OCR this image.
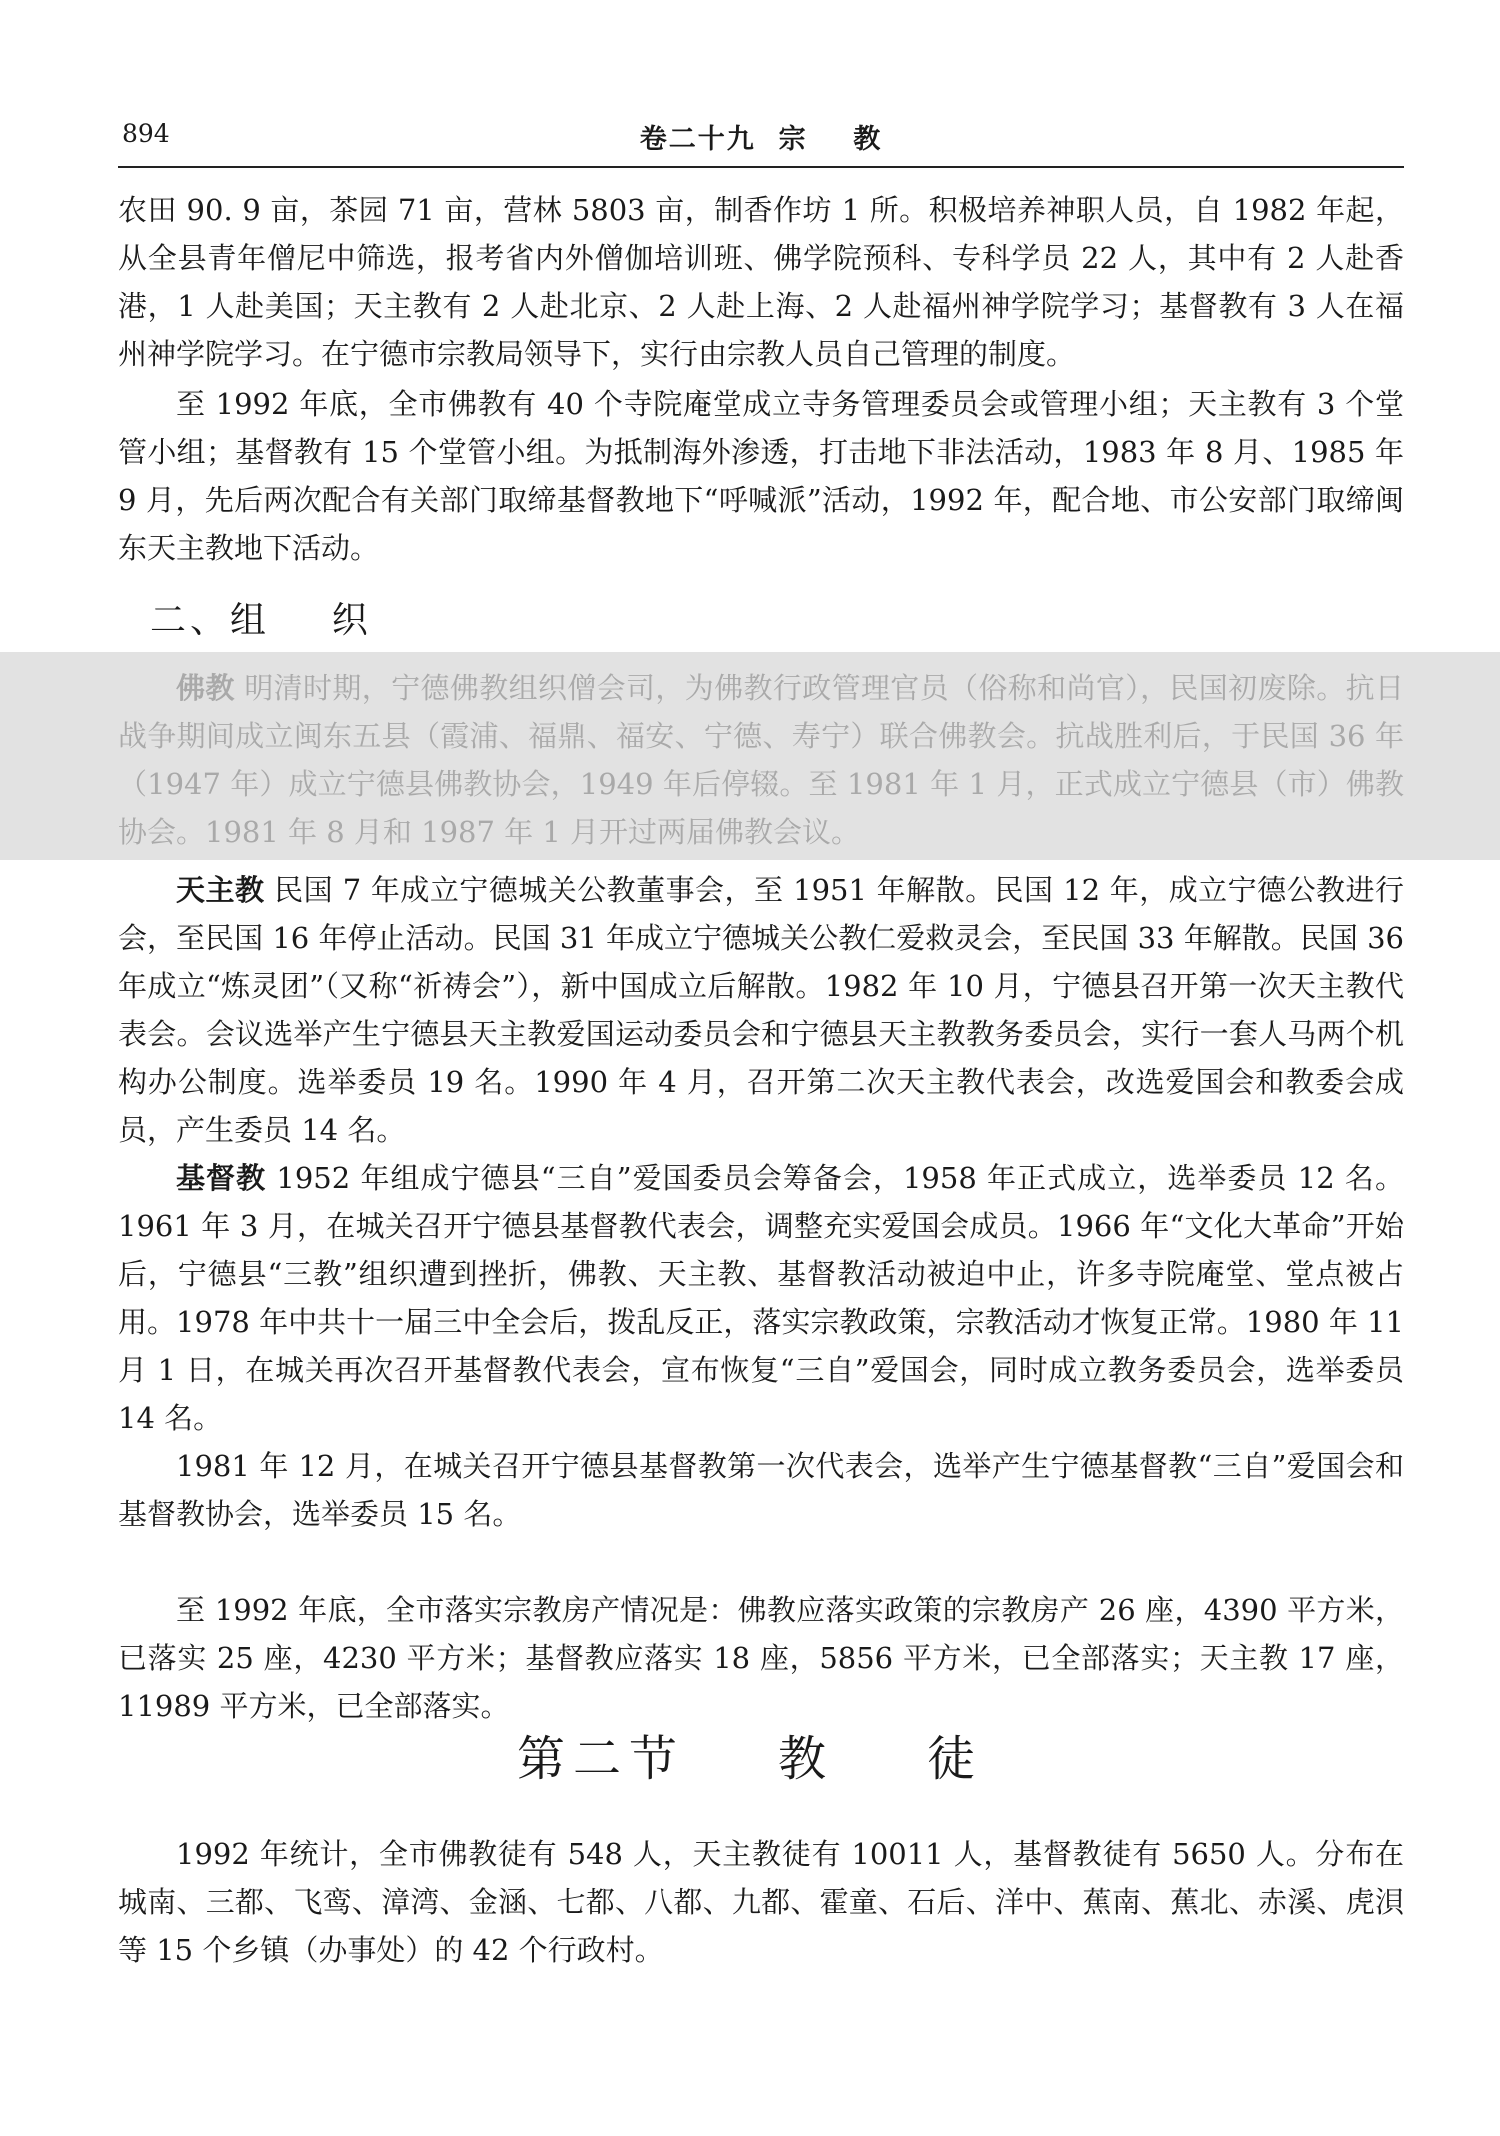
894	卷二十九  宗    教

农田 90. 9 亩，茶园 71 亩，营林 5803 亩，制香作坊 1 所。积极培养神职人员，自 1982 年起，从全县青年僧尼中筛选，报考省内外僧伽培训班、佛学院预科、专科学员 22 人，其中有 2 人赴香港，1 人赴美国；天主教有 2 人赴北京、2 人赴上海、2 人赴福州神学院学习；基督教有 3 人在福州神学院学习。在宁德市宗教局领导下，实行由宗教人员自己管理的制度。

至 1992 年底，全市佛教有 40 个寺院庵堂成立寺务管理委员会或管理小组；天主教有 3 个堂管小组；基督教有 15 个堂管小组。为抵制海外渗透，打击地下非法活动，1983 年 8 月、1985 年 9 月，先后两次配合有关部门取缔基督教地下“呼喊派”活动，1992 年，配合地、市公安部门取缔闽东天主教地下活动。

二、组    织

佛教 明清时期，宁德佛教组织僧会司，为佛教行政管理官员（俗称和尚官），民国初废除。抗日战争期间成立闽东五县（霞浦、福鼎、福安、宁德、寿宁）联合佛教会。抗战胜利后，于民国 36 年（1947 年）成立宁德县佛教协会，1949 年后停辍。至 1981 年 1 月，正式成立宁德县（市）佛教协会。1981 年 8 月和 1987 年 1 月开过两届佛教会议。

天主教 民国 7 年成立宁德城关公教董事会，至 1951 年解散。民国 12 年，成立宁德公教进行会，至民国 16 年停止活动。民国 31 年成立宁德城关公教仁爱救灵会，至民国 33 年解散。民国 36 年成立“炼灵团”（又称“祈祷会”），新中国成立后解散。1982 年 10 月，宁德县召开第一次天主教代表会。会议选举产生宁德县天主教爱国运动委员会和宁德县天主教教务委员会，实行一套人马两个机构办公制度。选举委员 19 名。1990 年 4 月，召开第二次天主教代表会，改选爱国会和教委会成员，产生委员 14 名。

基督教 1952 年组成宁德县“三自”爱国委员会筹备会，1958 年正式成立，选举委员 12 名。1961 年 3 月，在城关召开宁德县基督教代表会，调整充实爱国会成员。1966 年“文化大革命”开始后，宁德县“三教”组织遭到挫折，佛教、天主教、基督教活动被迫中止，许多寺院庵堂、堂点被占用。1978 年中共十一届三中全会后，拨乱反正，落实宗教政策，宗教活动才恢复正常。1980 年 11 月 1 日，在城关再次召开基督教代表会，宣布恢复“三自”爱国会，同时成立教务委员会，选举委员 14 名。

1981 年 12 月，在城关召开宁德县基督教第一次代表会，选举产生宁德基督教“三自”爱国会和基督教协会，选举委员 15 名。

至 1992 年底，全市落实宗教房产情况是：佛教应落实政策的宗教房产 26 座，4390 平方米，已落实 25 座，4230 平方米；基督教应落实 18 座，5856 平方米，已全部落实；天主教 17 座，11989 平方米，已全部落实。

第二节    教    徒

1992 年统计，全市佛教徒有 548 人，天主教徒有 10011 人，基督教徒有 5650 人。分布在城南、三都、飞鸾、漳湾、金涵、七都、八都、九都、霍童、石后、洋中、蕉南、蕉北、赤溪、虎浿等 15 个乡镇（办事处）的 42 个行政村。
